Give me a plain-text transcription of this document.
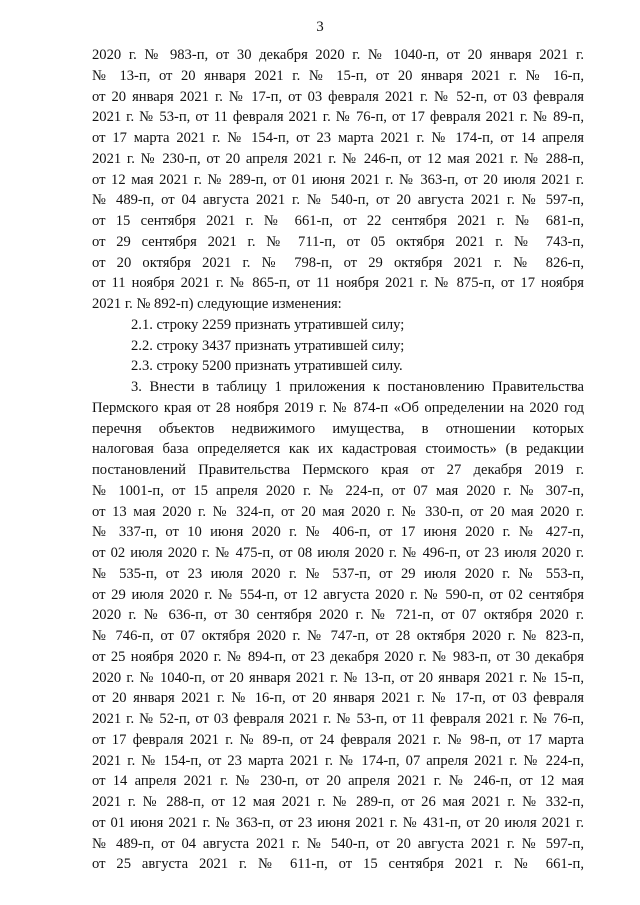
3
2020 г. № 983-п, от 30 декабря 2020 г. № 1040-п, от 20 января 2021 г.
№ 13-п, от 20 января 2021 г. № 15-п, от 20 января 2021 г. № 16-п,
от 20 января 2021 г. № 17-п, от 03 февраля 2021 г. № 52-п, от 03 февраля
2021 г. № 53-п, от 11 февраля 2021 г. № 76-п, от 17 февраля 2021 г. № 89-п,
от 17 марта 2021 г. № 154-п, от 23 марта 2021 г. № 174-п, от 14 апреля
2021 г. № 230-п, от 20 апреля 2021 г. № 246-п, от 12 мая 2021 г. № 288-п,
от 12 мая 2021 г. № 289-п, от 01 июня 2021 г. № 363-п, от 20 июля 2021 г.
№ 489-п, от 04 августа 2021 г. № 540-п, от 20 августа 2021 г. № 597-п,
от 15 сентября 2021 г. № 661-п, от 22 сентября 2021 г. № 681-п,
от 29 сентября 2021 г. № 711-п, от 05 октября 2021 г. № 743-п,
от 20 октября 2021 г. № 798-п, от 29 октября 2021 г. № 826-п,
от 11 ноября 2021 г. № 865-п, от 11 ноября 2021 г. № 875-п, от 17 ноября
2021 г. № 892-п) следующие изменения:
2.1. строку 2259 признать утратившей силу;
2.2. строку 3437 признать утратившей силу;
2.3. строку 5200 признать утратившей силу.
3. Внести в таблицу 1 приложения к постановлению Правительства
Пермского края от 28 ноября 2019 г. № 874-п «Об определении на 2020 год
перечня объектов недвижимого имущества, в отношении которых
налоговая база определяется как их кадастровая стоимость» (в редакции
постановлений Правительства Пермского края от 27 декабря 2019 г.
№ 1001-п, от 15 апреля 2020 г. № 224-п, от 07 мая 2020 г. № 307-п,
от 13 мая 2020 г. № 324-п, от 20 мая 2020 г. № 330-п, от 20 мая 2020 г.
№ 337-п, от 10 июня 2020 г. № 406-п, от 17 июня 2020 г. № 427-п,
от 02 июля 2020 г. № 475-п, от 08 июля 2020 г. № 496-п, от 23 июля 2020 г.
№ 535-п, от 23 июля 2020 г. № 537-п, от 29 июля 2020 г. № 553-п,
от 29 июля 2020 г. № 554-п, от 12 августа 2020 г. № 590-п, от 02 сентября
2020 г. № 636-п, от 30 сентября 2020 г. № 721-п, от 07 октября 2020 г.
№ 746-п, от 07 октября 2020 г. № 747-п, от 28 октября 2020 г. № 823-п,
от 25 ноября 2020 г. № 894-п, от 23 декабря 2020 г. № 983-п, от 30 декабря
2020 г. № 1040-п, от 20 января 2021 г. № 13-п, от 20 января 2021 г. № 15-п,
от 20 января 2021 г. № 16-п, от 20 января 2021 г. № 17-п, от 03 февраля
2021 г. № 52-п, от 03 февраля 2021 г. № 53-п, от 11 февраля 2021 г. № 76-п,
от 17 февраля 2021 г. № 89-п, от 24 февраля 2021 г. № 98-п, от 17 марта
2021 г. № 154-п, от 23 марта 2021 г. № 174-п, 07 апреля 2021 г. № 224-п,
от 14 апреля 2021 г. № 230-п, от 20 апреля 2021 г. № 246-п, от 12 мая
2021 г. № 288-п, от 12 мая 2021 г. № 289-п, от 26 мая 2021 г. № 332-п,
от 01 июня 2021 г. № 363-п, от 23 июня 2021 г. № 431-п, от 20 июля 2021 г.
№ 489-п, от 04 августа 2021 г. № 540-п, от 20 августа 2021 г. № 597-п,
от 25 августа 2021 г. № 611-п, от 15 сентября 2021 г. № 661-п,
